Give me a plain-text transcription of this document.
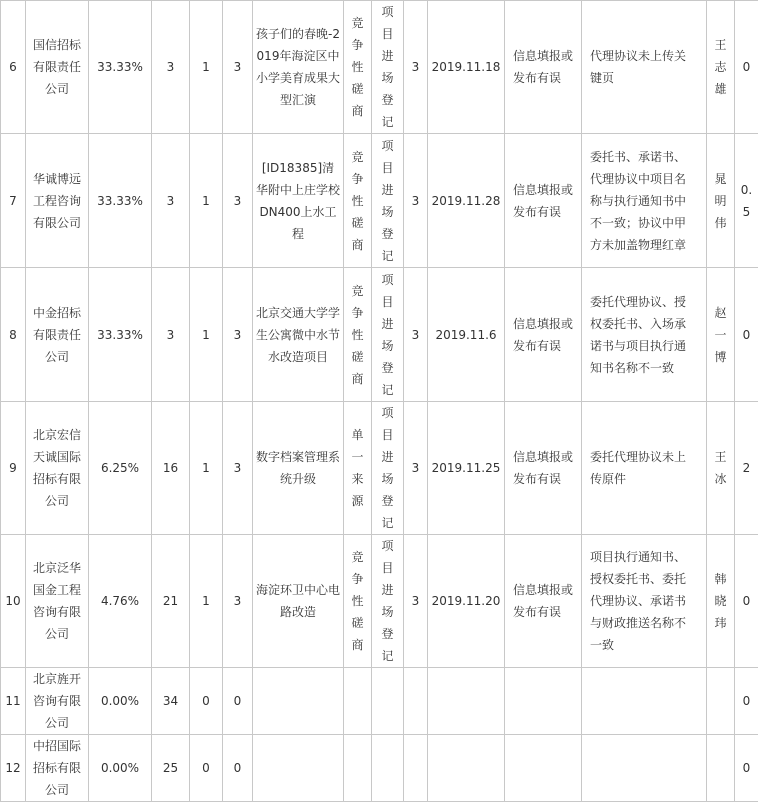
6	国信招标有限责任公司	33.33%	3	1	3	孩子们的春晚-2019年海淀区中小学美育成果大型汇演	竞争性磋商	项目进场登记	3	2019.11.18	信息填报或发布有误	代理协议未上传关键页	王志雄	0
7	华诚博远工程咨询有限公司	33.33%	3	1	3	[ID18385]清华附中上庄学校DN400上水工程	竞争性磋商	项目进场登记	3	2019.11.28	信息填报或发布有误	委托书、承诺书、代理协议中项目名称与执行通知书中不一致；协议中甲方未加盖物理红章	晁明伟	0.5
8	中金招标有限责任公司	33.33%	3	1	3	北京交通大学学生公寓微中水节水改造项目	竞争性磋商	项目进场登记	3	2019.11.6	信息填报或发布有误	委托代理协议、授权委托书、入场承诺书与项目执行通知书名称不一致	赵一博	0
9	北京宏信天诚国际招标有限公司	6.25%	16	1	3	数字档案管理系统升级	单一来源	项目进场登记	3	2019.11.25	信息填报或发布有误	委托代理协议未上传原件	王冰	2
10	北京泛华国金工程咨询有限公司	4.76%	21	1	3	海淀环卫中心电路改造	竞争性磋商	项目进场登记	3	2019.11.20	信息填报或发布有误	项目执行通知书、授权委托书、委托代理协议、承诺书与财政推送名称不一致	韩晓玮	0
11	北京旌开咨询有限公司	0.00%	34	0	0									0
12	中招国际招标有限公司	0.00%	25	0	0									0
